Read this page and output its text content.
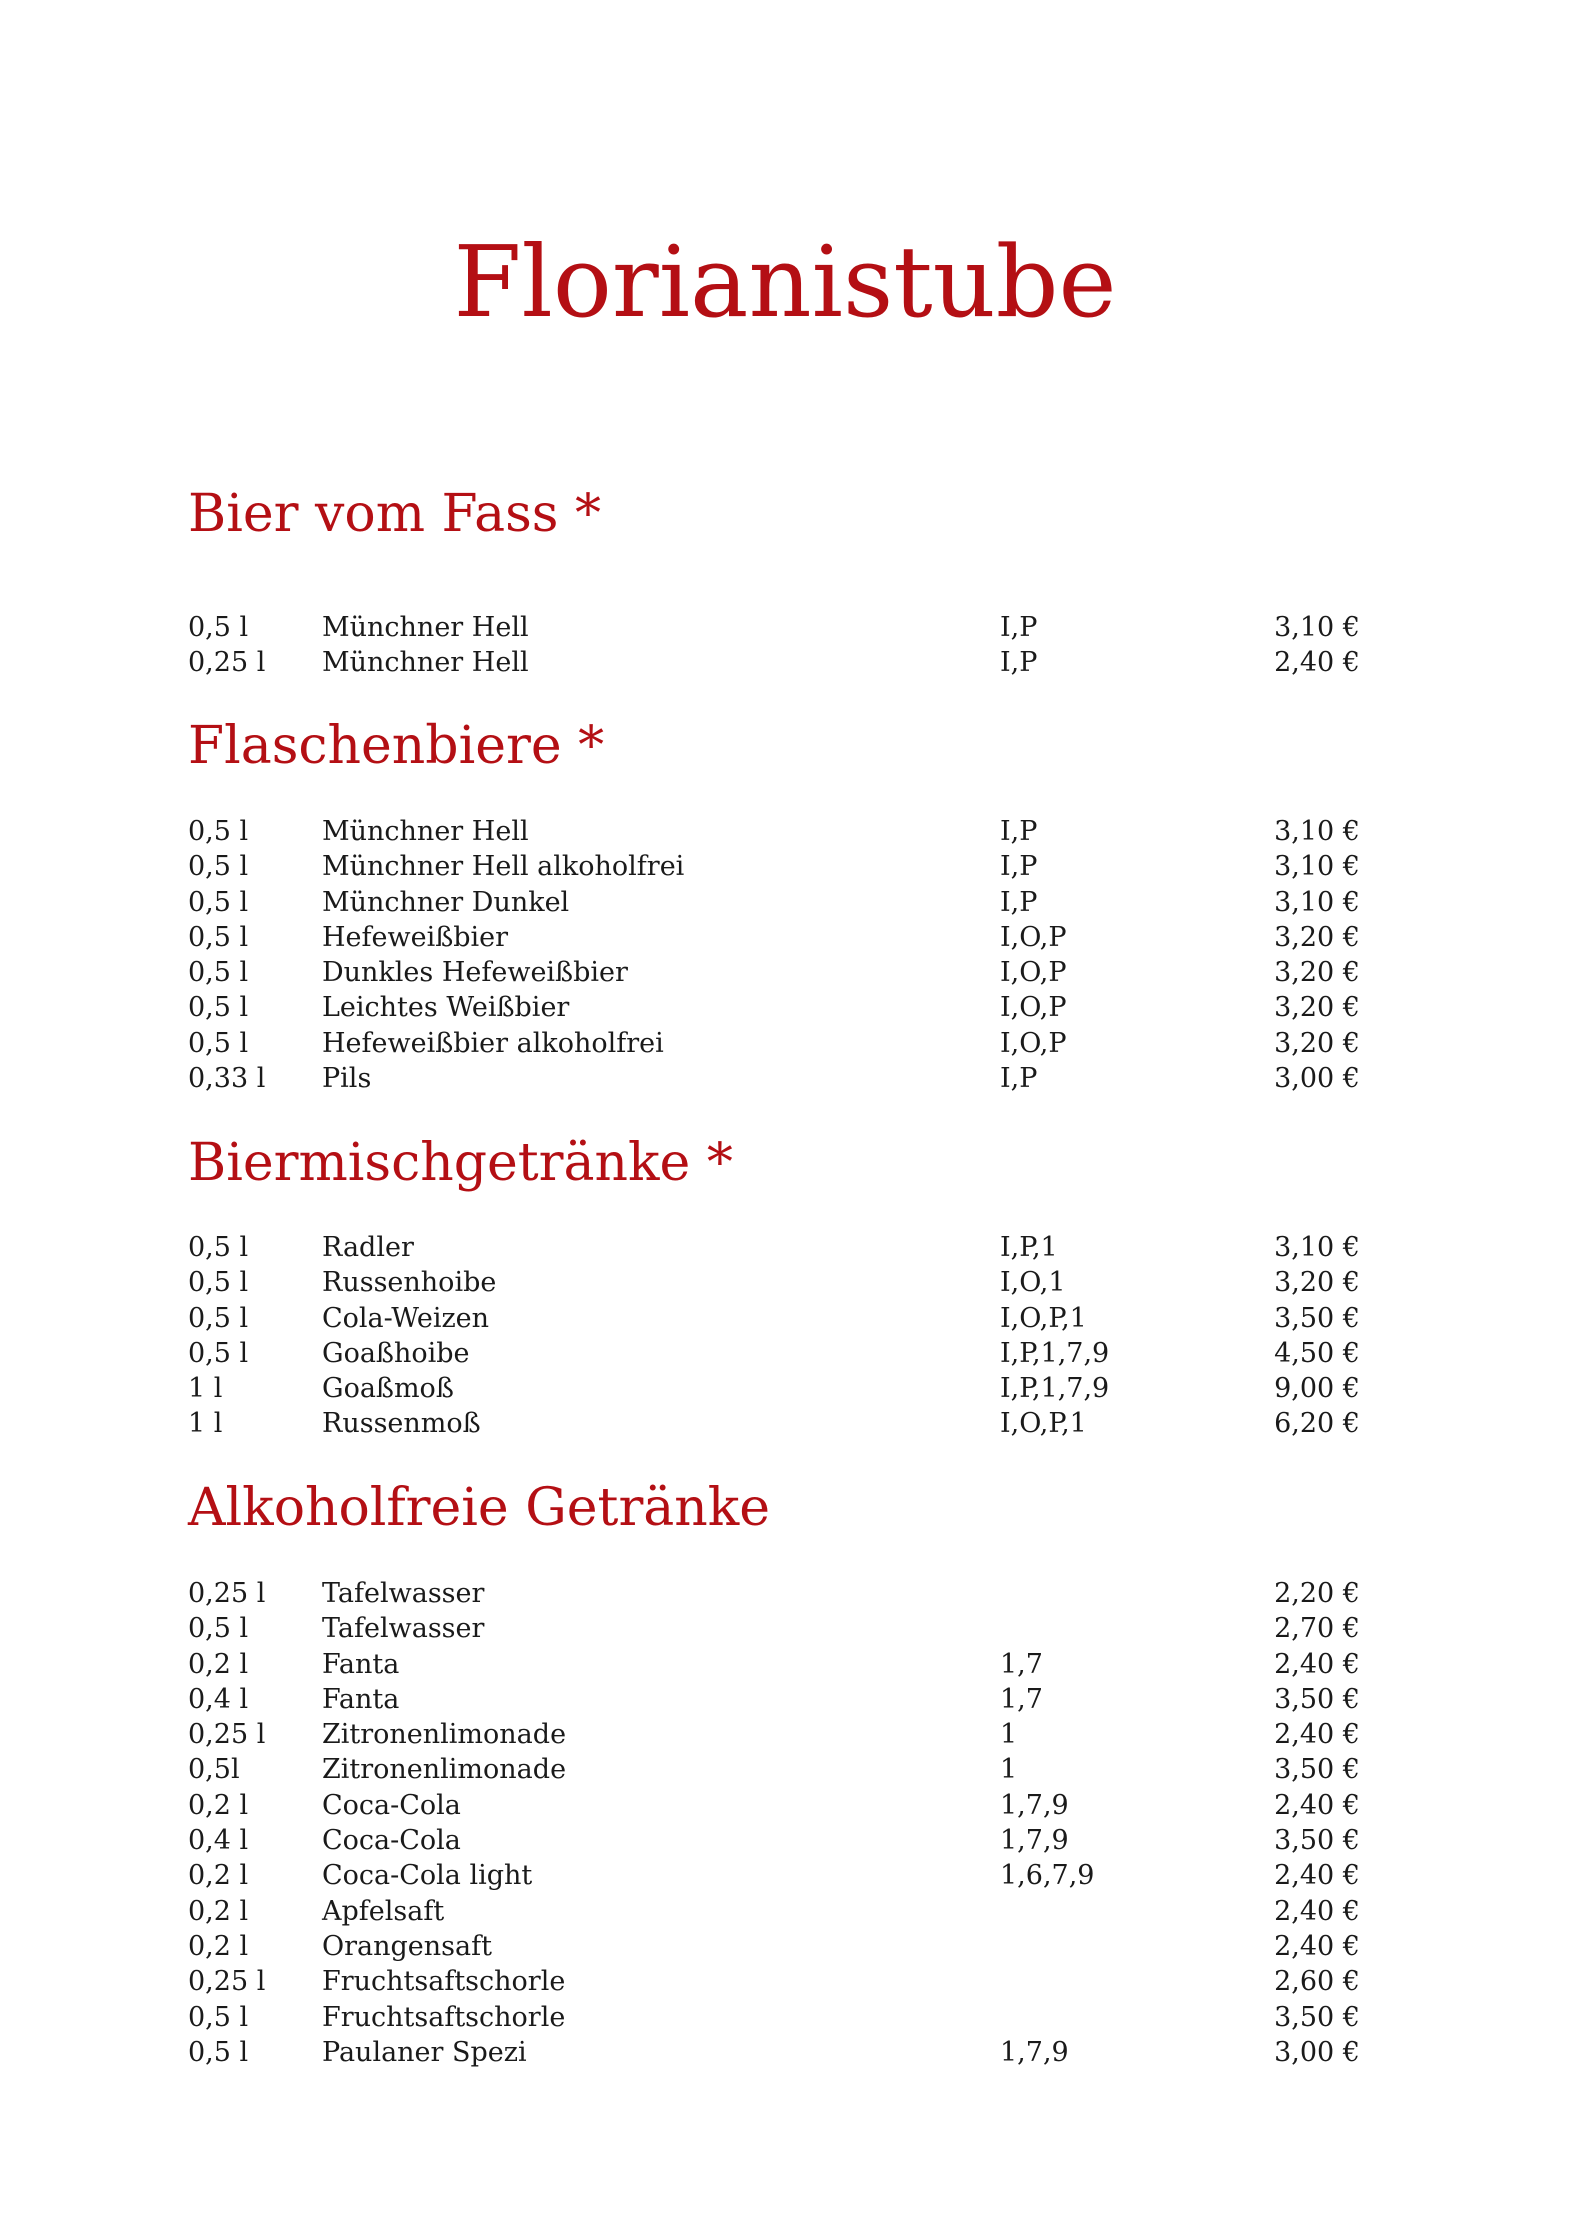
Florianistube
Bier vom Fass *
0,5 l	Münchner Hell	I,P	3,10 €
0,25 l Münchner Hell	I,P	2,40 €
Flaschenbiere *
0,5 l	Münchner Hell	I,P	3,10 €
0,5 l	Münchner Hell alkoholfrei	I,P	3,10 €
0,5 l	Münchner Dunkel	I,P	3,10 €
0,5 l	Hefeweißbier	I,O,P	3,20 €
0,5 l	Dunkles Hefeweißbier	I,O,P	3,20 €
0,5 l	Leichtes Weißbier	I,O,P	3,20 €
0,5 l	Hefeweißbier alkoholfrei	I,O,P	3,20 €
0,33 l Pils	I,P	3,00 €
Biermischgetränke *
0,5 l	Radler	I,P,1	3,10 €
0,5 l	Russenhoibe	I,O,1	3,20 €
0,5 l	Cola-Weizen	I,O,P,1	3,50 €
0,5 l	Goaßhoibe	I,P,1,7,9	4,50 €
1 l	Goaßmoß	I,P,1,7,9	9,00 €
1 l	Russenmoß	I,O,P,1	6,20 €
Alkoholfreie Getränke
0,25 l Tafelwasser	2,20 €
0,5 l	Tafelwasser	2,70 €
0,2 l	Fanta	1,7	2,40 €
0,4 l	Fanta	1,7	3,50 €
0,25 l Zitronenlimonade	1	2,40 €
0,5l	Zitronenlimonade	1	3,50 €
0,2 l	Coca-Cola	1,7,9	2,40 €
0,4 l	Coca-Cola	1,7,9	3,50 €
0,2 l	Coca-Cola light	1,6,7,9	2,40 €
0,2 l	Apfelsaft	2,40 €
0,2 l	Orangensaft	2,40 €
0,25 l Fruchtsaftschorle	2,60 €
0,5 l	Fruchtsaftschorle	3,50 €
0,5 l	Paulaner Spezi	1,7,9	3,00 €
